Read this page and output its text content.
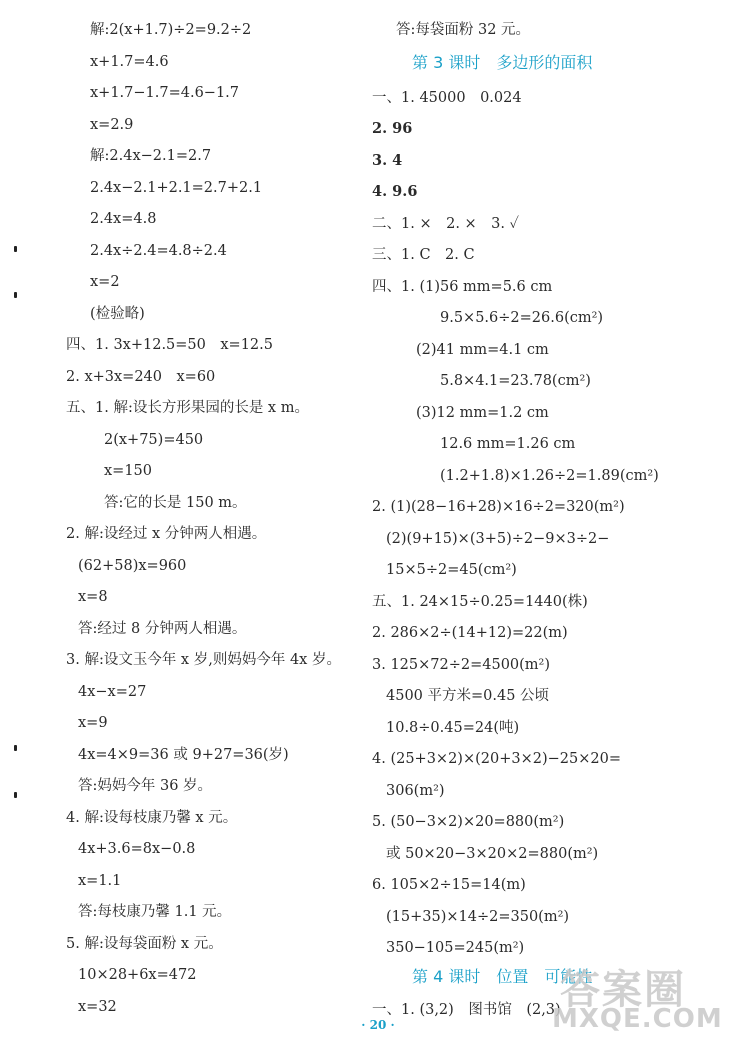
解:2(x+1.7)÷2=9.2÷2
x+1.7=4.6
x+1.7−1.7=4.6−1.7
x=2.9
解:2.4x−2.1=2.7
2.4x−2.1+2.1=2.7+2.1
2.4x=4.8
2.4x÷2.4=4.8÷2.4
x=2
(检验略)
四、1. 3x+12.5=50　x=12.5
2. x+3x=240　x=60
五、1. 解:设长方形果园的长是 x m。
2(x+75)=450
x=150
答:它的长是 150 m。
2. 解:设经过 x 分钟两人相遇。
(62+58)x=960
x=8
答:经过 8 分钟两人相遇。
3. 解:设文玉今年 x 岁,则妈妈今年 4x 岁。
4x−x=27
x=9
4x=4×9=36 或 9+27=36(岁)
答:妈妈今年 36 岁。
4. 解:设每枝康乃馨 x 元。
4x+3.6=8x−0.8
x=1.1
答:每枝康乃馨 1.1 元。
5. 解:设每袋面粉 x 元。
10×28+6x=472
x=32
答:每袋面粉 32 元。
第 3 课时　多边形的面积
一、1. 45000　0.024
2. 96
3. 4
4. 9.6
二、1. ×　2. ×　3. ✓
三、1. C　2. C
四、1. (1)56 mm=5.6 cm
9.5×5.6÷2=26.6(cm²)
(2)41 mm=4.1 cm
5.8×4.1=23.78(cm²)
(3)12 mm=1.2 cm
12.6 mm=1.26 cm
(1.2+1.8)×1.26÷2=1.89(cm²)
2. (1)(28−16+28)×16÷2=320(m²)
(2)(9+15)×(3+5)÷2−9×3÷2−
15×5÷2=45(cm²)
五、1. 24×15÷0.25=1440(株)
2. 286×2÷(14+12)=22(m)
3. 125×72÷2=4500(m²)
4500 平方米=0.45 公顷
10.8÷0.45=24(吨)
4. (25+3×2)×(20+3×2)−25×20=
306(m²)
5. (50−3×2)×20=880(m²)
或 50×20−3×20×2=880(m²)
6. 105×2÷15=14(m)
(15+35)×14÷2=350(m²)
350−105=245(m²)
第 4 课时　位置　可能性
一、1. (3,2)　图书馆　(2,3)
· 20 ·
答案圈
MXQE.COM
